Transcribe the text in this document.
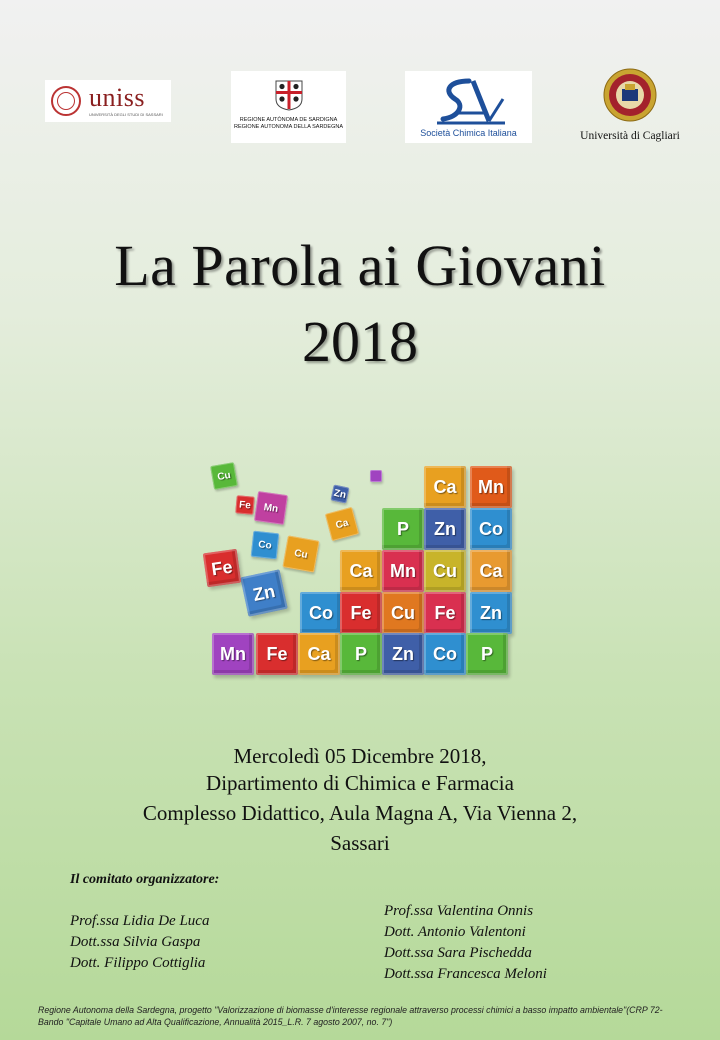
uniss
UNIVERSITÀ DEGLI STUDI DI SASSARI
REGIONE AUTÒNOMA DE SARDIGNA
REGIONE AUTONOMA DELLA SARDEGNA
Società Chimica Italiana	Università di Cagliari
La Parola ai Giovani
2018
Ca	Mn
P	Zn	Co
Ca Mn Cu	Ca
Co Fe	Cu	Fe	Zn
Mn	Fe	Ca	P	Zn	Co	P
Zn
Cu
Fe
Co
Ca
Mn
Cu
Fe
Zn
Mercoledì 05 Dicembre 2018,
Dipartimento di Chimica e Farmacia
Complesso Didattico, Aula Magna A, Via Vienna 2,
Sassari
Il comitato organizzatore:
Prof.ssa Lidia De Luca
Dott.ssa Silvia Gaspa
Dott. Filippo Cottiglia
Prof.ssa Valentina Onnis
Dott. Antonio Valentoni
Dott.ssa Sara Pischedda
Dott.ssa Francesca Meloni
Regione Autonoma della Sardegna, progetto "Valorizzazione di biomasse d'interesse regionale attraverso processi chimici a basso impatto ambientale"(CRP 72-Bando "Capitale Umano ad Alta Qualificazione, Annualità 2015_L.R. 7 agosto 2007, no. 7")
